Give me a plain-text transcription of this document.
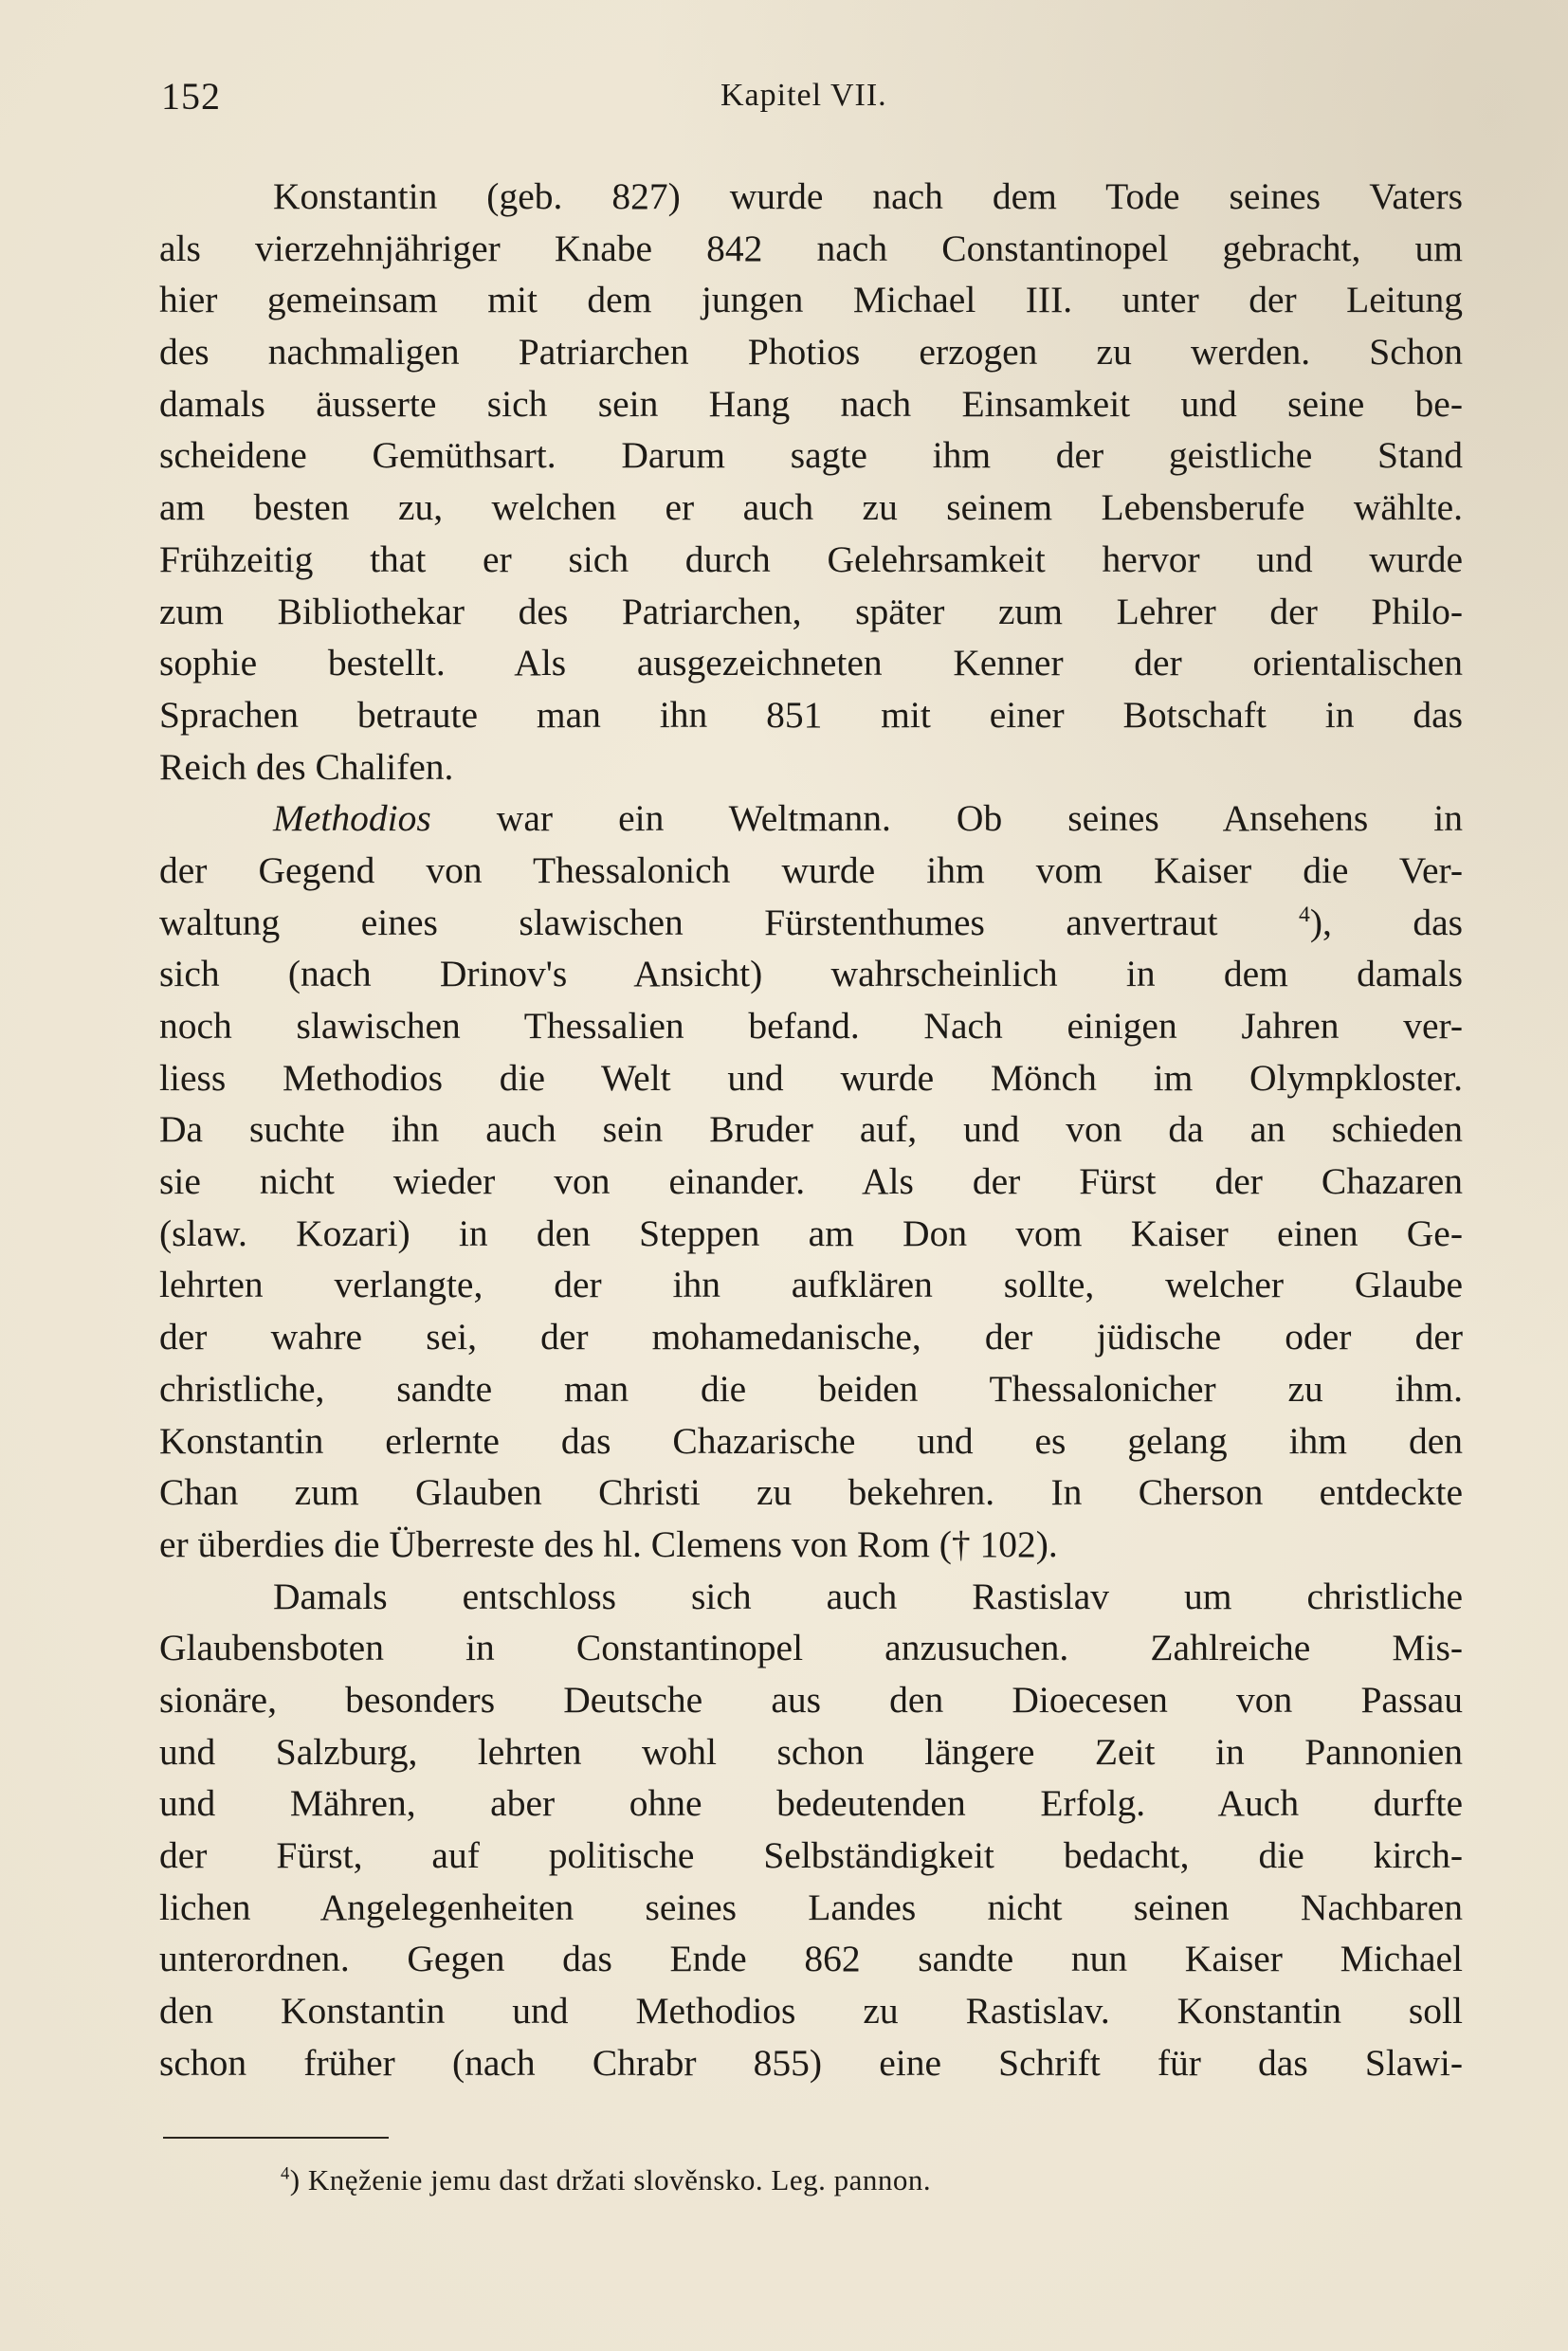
152	Kapitel VII.
Konstantin (geb. 827) wurde nach dem Tode seines Vaters
als vierzehnjähriger Knabe 842 nach Constantinopel gebracht, um
hier gemeinsam mit dem jungen Michael III. unter der Leitung
des nachmaligen Patriarchen Photios erzogen zu werden. Schon
damals äusserte sich sein Hang nach Einsamkeit und seine be-
scheidene Gemüthsart. Darum sagte ihm der geistliche Stand
am besten zu, welchen er auch zu seinem Lebensberufe wählte.
Frühzeitig that er sich durch Gelehrsamkeit hervor und wurde
zum Bibliothekar des Patriarchen, später zum Lehrer der Philo-
sophie bestellt. Als ausgezeichneten Kenner der orientalischen
Sprachen betraute man ihn 851 mit einer Botschaft in das
Reich des Chalifen.
Methodios war ein Weltmann. Ob seines Ansehens in
der Gegend von Thessalonich wurde ihm vom Kaiser die Ver-
waltung eines slawischen Fürstenthumes anvertraut	$^4$), das
sich (nach Drinov's Ansicht) wahrscheinlich in dem damals
noch slawischen Thessalien befand. Nach einigen Jahren ver-
liess Methodios die Welt und wurde Mönch im Olympkloster.
Da suchte ihn auch sein Bruder auf, und von da an schieden
sie nicht wieder von einander. Als der Fürst der Chazaren
(slaw. Kozari) in den Steppen am Don vom Kaiser einen Ge-
lehrten verlangte, der ihn aufklären sollte, welcher Glaube
der wahre sei, der mohamedanische, der jüdische oder der
christliche, sandte man die beiden Thessalonicher zu ihm.
Konstantin erlernte das Chazarische und es gelang ihm den
Chan zum Glauben Christi zu bekehren. In Cherson entdeckte
er überdies die Überreste des hl. Clemens von Rom († 102).
Damals entschloss sich auch Rastislav um christliche
Glaubensboten in Constantinopel anzusuchen. Zahlreiche Mis-
sionäre, besonders Deutsche aus den Dioecesen von Passau
und Salzburg, lehrten wohl schon längere Zeit in Pannonien
und Mähren, aber ohne bedeutenden Erfolg. Auch durfte
der Fürst, auf politische Selbständigkeit bedacht, die kirch-
lichen Angelegenheiten seines Landes nicht seinen Nachbaren
unterordnen. Gegen das Ende 862 sandte nun Kaiser Michael
den Konstantin und Methodios zu Rastislav. Konstantin soll
schon früher (nach Chrabr 855) eine Schrift für das Slawi-
$^4$) Knęženie jemu dast držati slověnsko. Leg. pannon.
